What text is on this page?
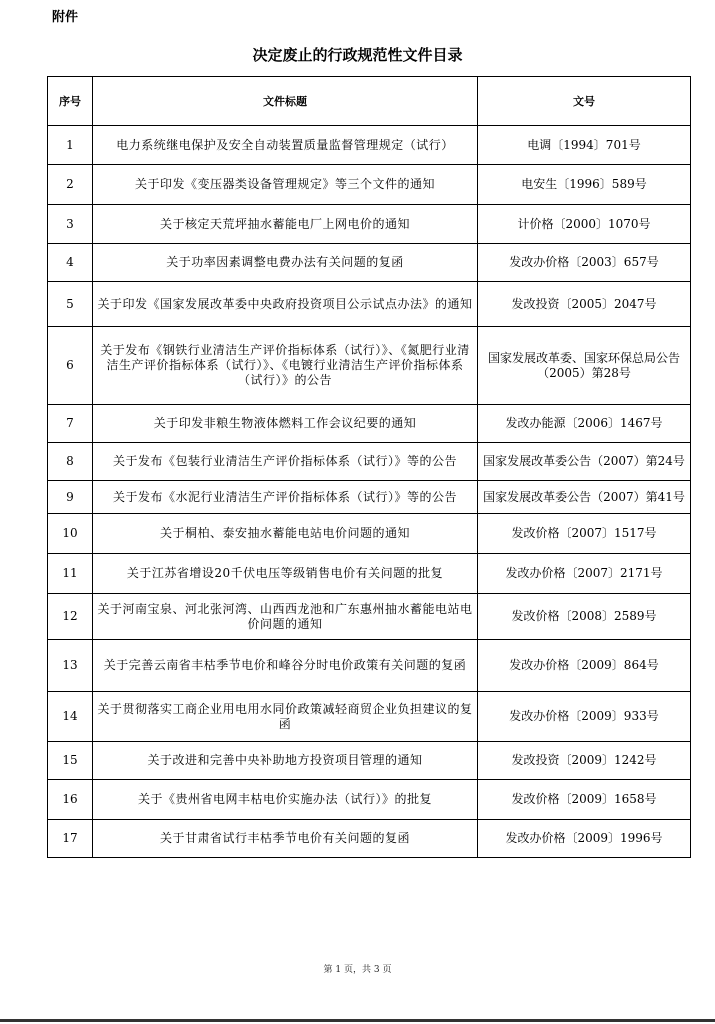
附件
决定废止的行政规范性文件目录
序号	文件标题	文号
1	电力系统继电保护及安全自动装置质量监督管理规定（试行）	电调〔1994〕701号
2	关于印发《变压器类设备管理规定》等三个文件的通知	电安生〔1996〕589号
3	关于核定天荒坪抽水蓄能电厂上网电价的通知	计价格〔2000〕1070号
4	关于功率因素调整电费办法有关问题的复函	发改办价格〔2003〕657号
5	关于印发《国家发展改革委中央政府投资项目公示试点办法》的通知	发改投资〔2005〕2047号
6	关于发布《钢铁行业清洁生产评价指标体系（试行）》、《氮肥行业清洁生产评价指标体系（试行）》、《电镀行业清洁生产评价指标体系（试行）》的公告	国家发展改革委、国家环保总局公告　（2005）第28号
7	关于印发非粮生物液体燃料工作会议纪要的通知	发改办能源〔2006〕1467号
8	关于发布《包装行业清洁生产评价指标体系（试行）》等的公告	国家发展改革委公告（2007）第24号
9	关于发布《水泥行业清洁生产评价指标体系（试行）》等的公告	国家发展改革委公告（2007）第41号
10	关于桐柏、泰安抽水蓄能电站电价问题的通知	发改价格〔2007〕1517号
11	关于江苏省增设20千伏电压等级销售电价有关问题的批复	发改办价格〔2007〕2171号
12	关于河南宝泉、河北张河湾、山西西龙池和广东惠州抽水蓄能电站电价问题的通知	发改价格〔2008〕2589号
13	关于完善云南省丰枯季节电价和峰谷分时电价政策有关问题的复函	发改办价格〔2009〕864号
14	关于贯彻落实工商企业用电用水同价政策减轻商贸企业负担建议的复函	发改办价格〔2009〕933号
15	关于改进和完善中央补助地方投资项目管理的通知	发改投资〔2009〕1242号
16	关于《贵州省电网丰枯电价实施办法（试行）》的批复	发改价格〔2009〕1658号
17	关于甘肃省试行丰枯季节电价有关问题的复函	发改办价格〔2009〕1996号
第 1 页，共 3 页
